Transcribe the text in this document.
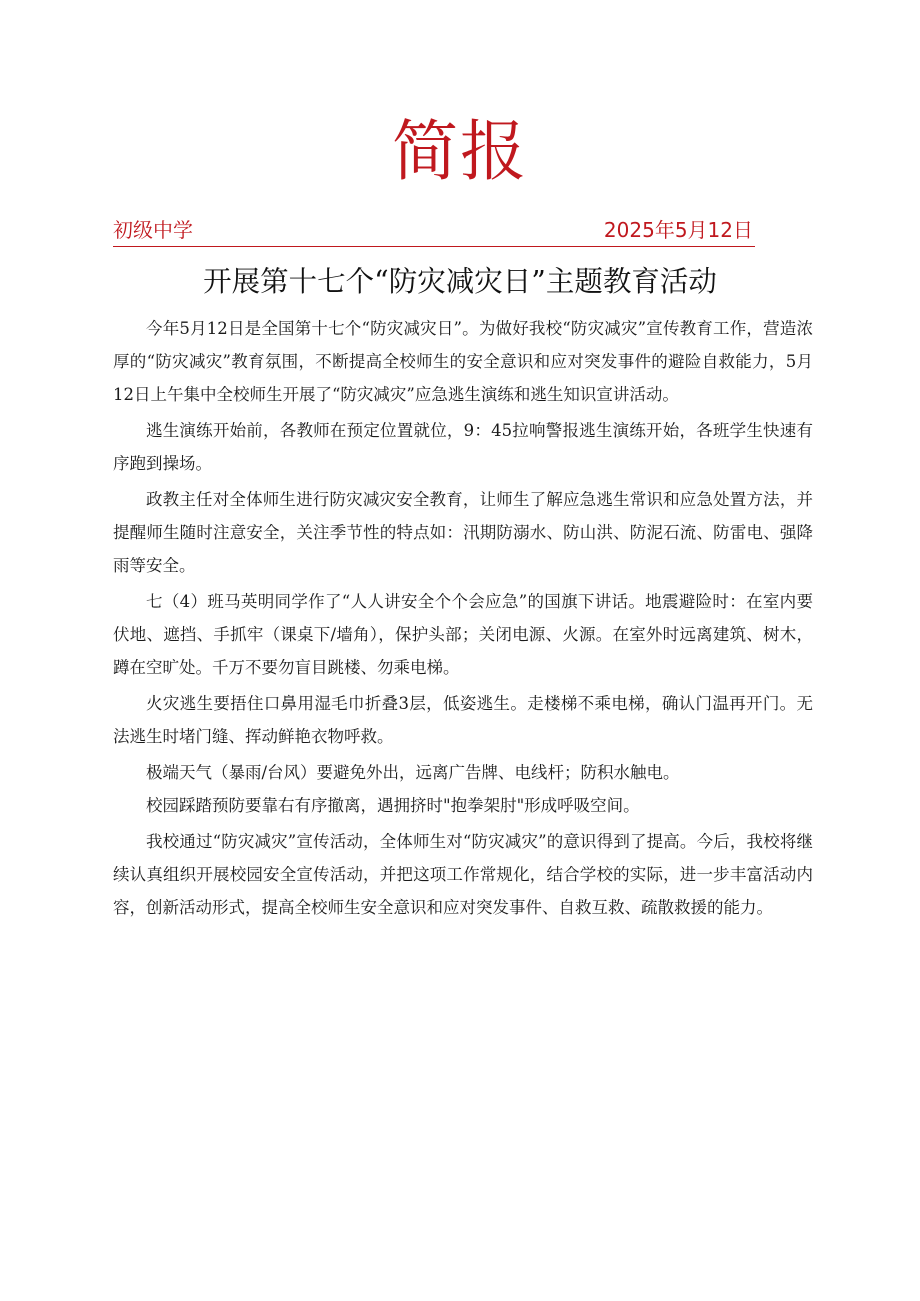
简报
初级中学	2025年5月12日
开展第十七个“防灾减灾日”主题教育活动

今年5月12日是全国第十七个“防灾减灾日”。为做好我校“防灾减灾”宣传教育工作，营造浓厚的“防灾减灾”教育氛围，不断提高全校师生的安全意识和应对突发事件的避险自救能力，5月12日上午集中全校师生开展了“防灾减灾”应急逃生演练和逃生知识宣讲活动。

逃生演练开始前，各教师在预定位置就位，9：45拉响警报逃生演练开始，各班学生快速有序跑到操场。

政教主任对全体师生进行防灾减灾安全教育，让师生了解应急逃生常识和应急处置方法，并提醒师生随时注意安全，关注季节性的特点如：汛期防溺水、防山洪、防泥石流、防雷电、强降雨等安全。

七（4）班马英明同学作了“人人讲安全个个会应急”的国旗下讲话。地震避险时：在室内要伏地、遮挡、手抓牢（课桌下/墙角），保护头部；关闭电源、火源。在室外时远离建筑、树木，蹲在空旷处。千万不要勿盲目跳楼、勿乘电梯。

火灾逃生要捂住口鼻用湿毛巾折叠3层，低姿逃生。走楼梯不乘电梯，确认门温再开门。无法逃生时堵门缝、挥动鲜艳衣物呼救。

极端天气（暴雨/台风）要避免外出，远离广告牌、电线杆；防积水触电。

校园踩踏预防要靠右有序撤离，遇拥挤时"抱拳架肘"形成呼吸空间。

我校通过“防灾减灾”宣传活动，全体师生对“防灾减灾”的意识得到了提高。今后，我校将继续认真组织开展校园安全宣传活动，并把这项工作常规化，结合学校的实际，进一步丰富活动内容，创新活动形式，提高全校师生安全意识和应对突发事件、自救互救、疏散救援的能力。
